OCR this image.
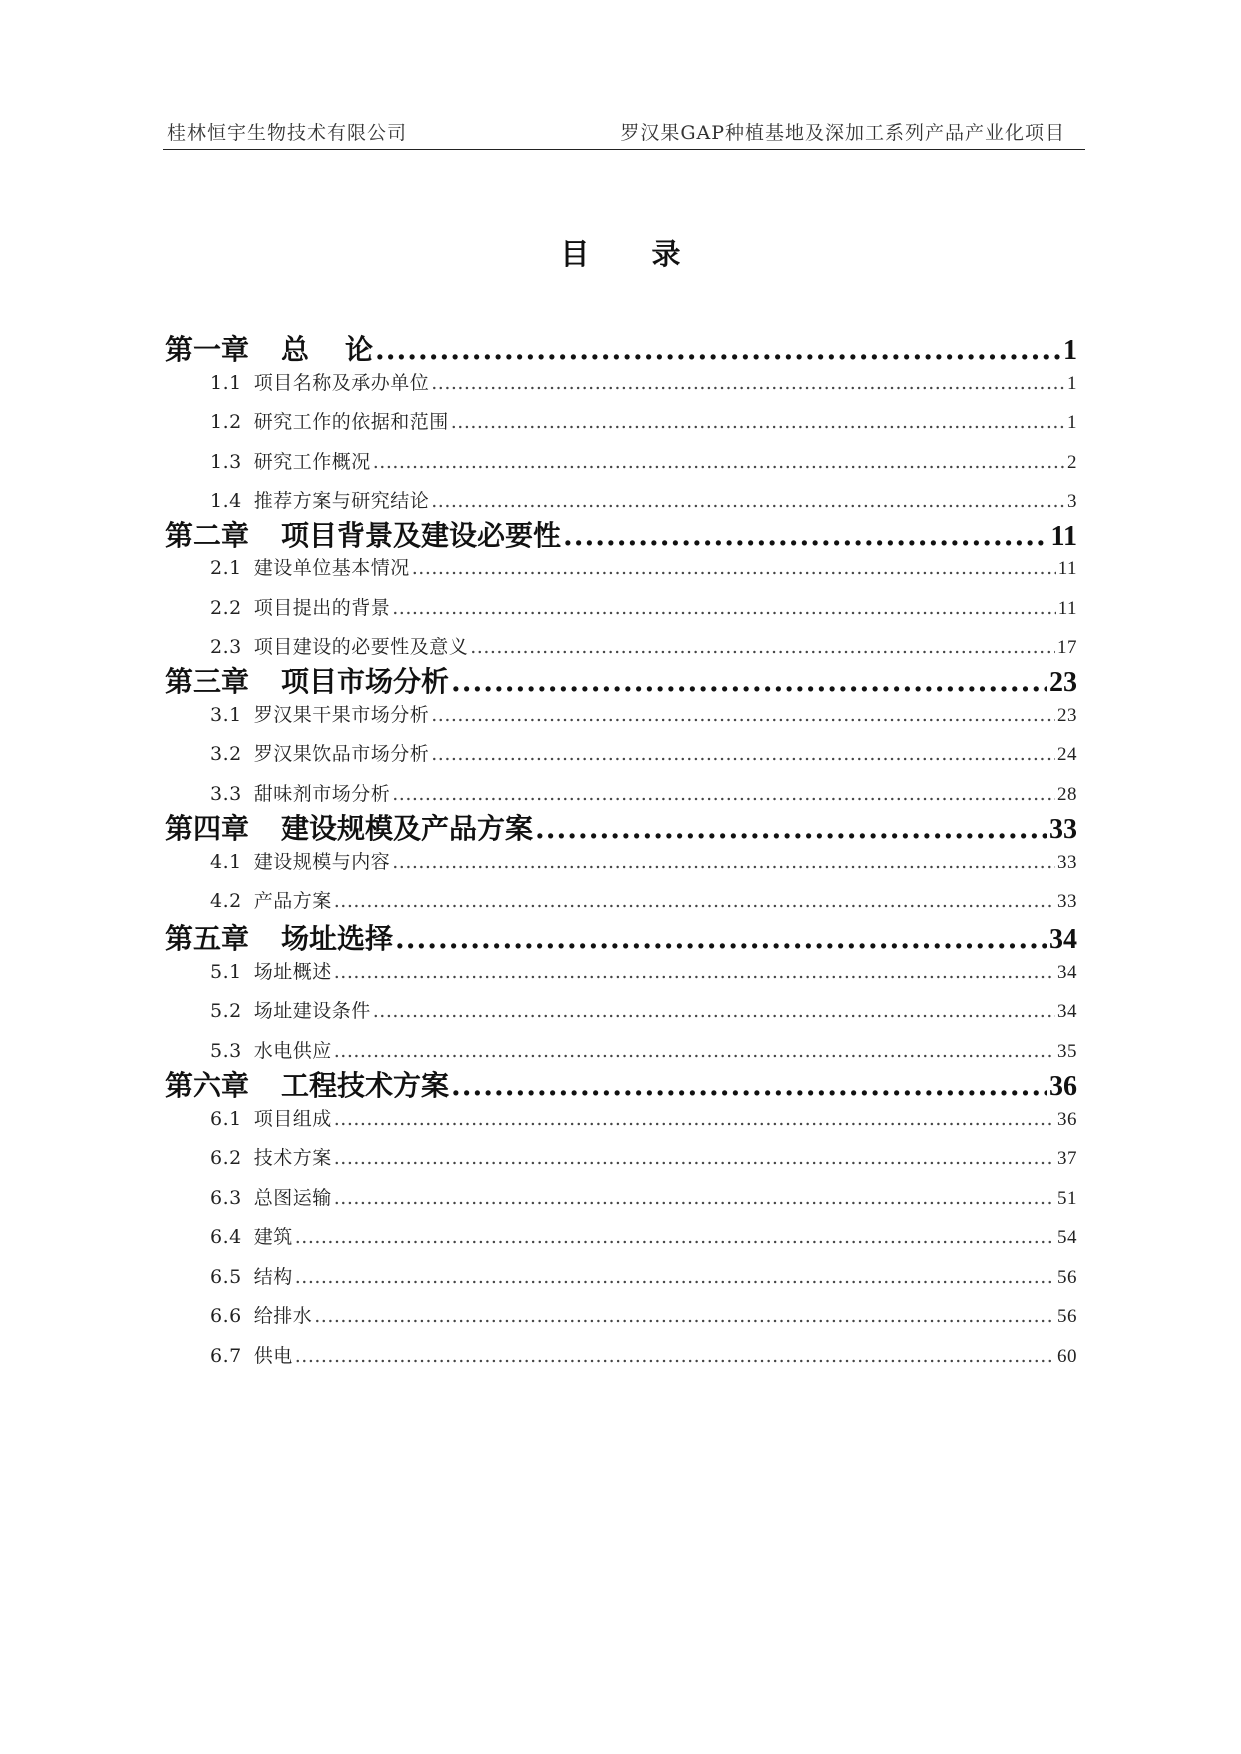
桂林恒宇生物技术有限公司	罗汉果GAP种植基地及深加工系列产品产业化项目
目 录
第一章 总 论 .....	1
1.1 项目名称及承办单位 .....	1
1.2 研究工作的依据和范围 .....	1
1.3 研究工作概况 .....	2
1.4 推荐方案与研究结论 .....	3
第二章 项目背景及建设必要性 .....	11
2.1 建设单位基本情况 .....	11
2.2 项目提出的背景 .....	11
2.3 项目建设的必要性及意义 .....	17
第三章 项目市场分析 .....	23
3.1 罗汉果干果市场分析 .....	23
3.2 罗汉果饮品市场分析 .....	24
3.3 甜味剂市场分析 .....	28
第四章 建设规模及产品方案 .....	33
4.1 建设规模与内容 .....	33
4.2 产品方案 .....	33
第五章 场址选择 .....	34
5.1 场址概述 .....	34
5.2 场址建设条件 .....	34
5.3 水电供应 .....	35
第六章 工程技术方案 .....	36
6.1 项目组成 .....	36
6.2 技术方案 .....	37
6.3 总图运输 .....	51
6.4 建筑 .....	54
6.5 结构 .....	56
6.6 给排水 .....	56
6.7 供电 .....	60
